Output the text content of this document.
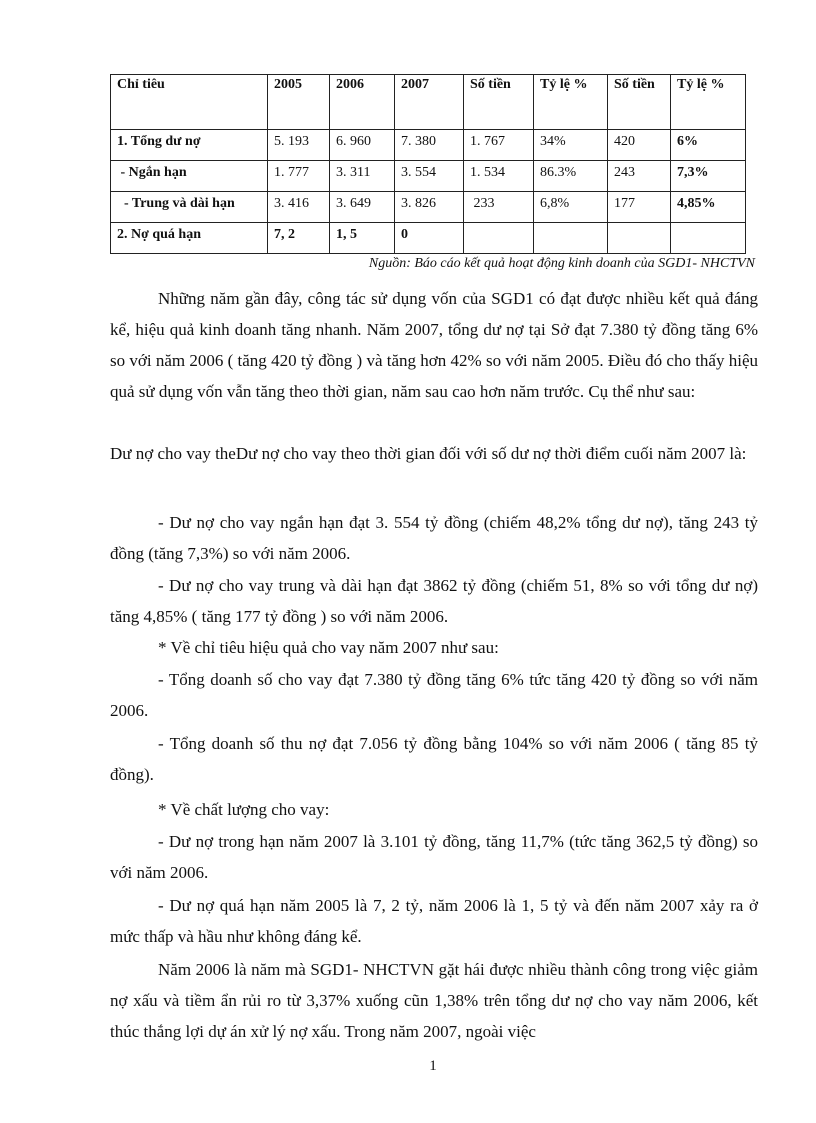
Chỉ tiêu	2005	2006	2007	Số tiền	Tỷ lệ %	Số tiền	Tỷ lệ %
1. Tổng dư nợ	5. 193	6. 960	7. 380	1. 767	34%	420	6%
- Ngắn hạn	1. 777	3. 311	3. 554	1. 534	86.3%	243	7,3%
- Trung và dài hạn	3. 416	3. 649	3. 826	233	6,8%	177	4,85%
2. Nợ quá hạn	7, 2	1, 5	0				
Nguồn: Báo cáo kết quả hoạt động kinh doanh của SGD1- NHCTVN

Những năm gần đây, công tác sử dụng vốn của SGD1 có đạt được nhiều kết quả đáng kể, hiệu quả kinh doanh tăng nhanh. Năm 2007, tổng dư nợ tại Sở đạt 7.380 tỷ đồng tăng 6% so với năm 2006 ( tăng 420 tỷ đồng ) và tăng hơn 42% so với năm 2005. Điều đó cho thấy hiệu quả sử dụng vốn vẫn tăng theo thời gian, năm sau cao hơn năm trước. Cụ thể như sau:

Dư nợ cho vay theDư nợ cho vay theo thời gian đối với số dư nợ thời điểm cuối năm 2007 là:

- Dư nợ cho vay ngắn hạn đạt 3. 554 tỷ đồng (chiếm 48,2% tổng dư nợ), tăng 243 tỷ đồng (tăng 7,3%) so với năm 2006.

- Dư nợ cho vay trung và dài hạn đạt 3862 tỷ đồng (chiếm 51, 8% so với tổng dư nợ) tăng 4,85% ( tăng 177 tỷ đồng ) so với năm 2006.

* Về chỉ tiêu hiệu quả cho vay năm 2007 như sau:

- Tổng doanh số cho vay đạt 7.380 tỷ đồng tăng 6% tức tăng 420 tỷ đồng so với năm 2006.

- Tổng doanh số thu nợ đạt 7.056 tỷ đồng bằng 104% so với năm 2006 ( tăng 85 tỷ đồng).

* Về chất lượng cho vay:

- Dư nợ trong hạn năm 2007 là 3.101 tỷ đồng, tăng 11,7% (tức tăng 362,5 tỷ đồng) so với năm 2006.

- Dư nợ quá hạn năm 2005 là 7, 2 tỷ, năm 2006 là 1, 5 tỷ và đến năm 2007 xảy ra ở mức thấp và hầu như không đáng kể.

Năm 2006 là năm mà SGD1- NHCTVN gặt hái được nhiều thành công trong việc giảm nợ xấu và tiềm ẩn rủi ro từ 3,37% xuống cũn 1,38% trên tổng dư nợ cho vay năm 2006, kết thúc thắng lợi dự án xử lý nợ xấu. Trong năm 2007, ngoài việc

1
